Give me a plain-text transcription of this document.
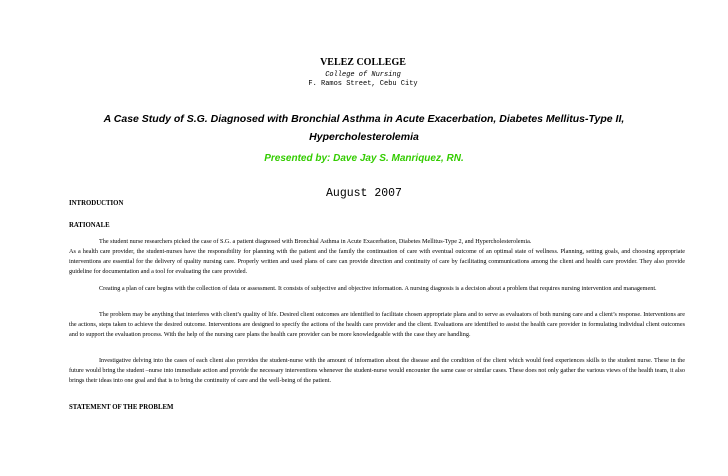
VELEZ COLLEGE
College of Nursing
F. Ramos Street, Cebu City
A Case Study of S.G. Diagnosed with Bronchial Asthma in Acute Exacerbation, Diabetes Mellitus-Type II,
Hypercholesterolemia
Presented by: Dave Jay S. Manriquez, RN.
August 2007
INTRODUCTION
RATIONALE
The student nurse researchers picked the case of S.G. a patient diagnosed with Bronchial Asthma in Acute Exacerbation, Diabetes Mellitus-Type 2, and Hypercholesterolemia.
As a health care provider, the student-nurses have the responsibility for planning with the patient and the family the continuation of care with eventual outcome of an optimal state of wellness. Planning, setting goals, and choosing appropriate interventions are essential for the delivery of quality nursing care. Properly written and used plans of care can provide direction and continuity of care by facilitating communications among the client and health care provider. They also provide guideline for documentation and a tool for evaluating the care provided.
Creating a plan of care begins with the collection of data or assessment. It consists of subjective and objective information. A nursing diagnosis is a decision about a problem that requires nursing intervention and management.
The problem may be anything that interferes with client’s quality of life. Desired client outcomes are identified to facilitate chosen appropriate plans and to serve as evaluators of both nursing care and a client’s response. Interventions are the actions, steps taken to achieve the desired outcome. Interventions are designed to specify the actions of the health care provider and the client. Evaluations are identified to assist the health care provider in formulating individual client outcomes and to support the evaluation process. With the help of the nursing care plans the health care provider can be more knowledgeable with the case they are handling.
Investigative delving into the cases of each client also provides the student-nurse with the amount of information about the disease and the condition of the client which would feed experiences skills to the student nurse. These in the future would bring the student –nurse into immediate action and provide the necessary interventions whenever the student-nurse would encounter the same case or similar cases. These does not only gather the various views of the health team, it also brings their ideas into one goal and that is to bring the continuity of care and the well-being of the patient.
STATEMENT OF THE PROBLEM
